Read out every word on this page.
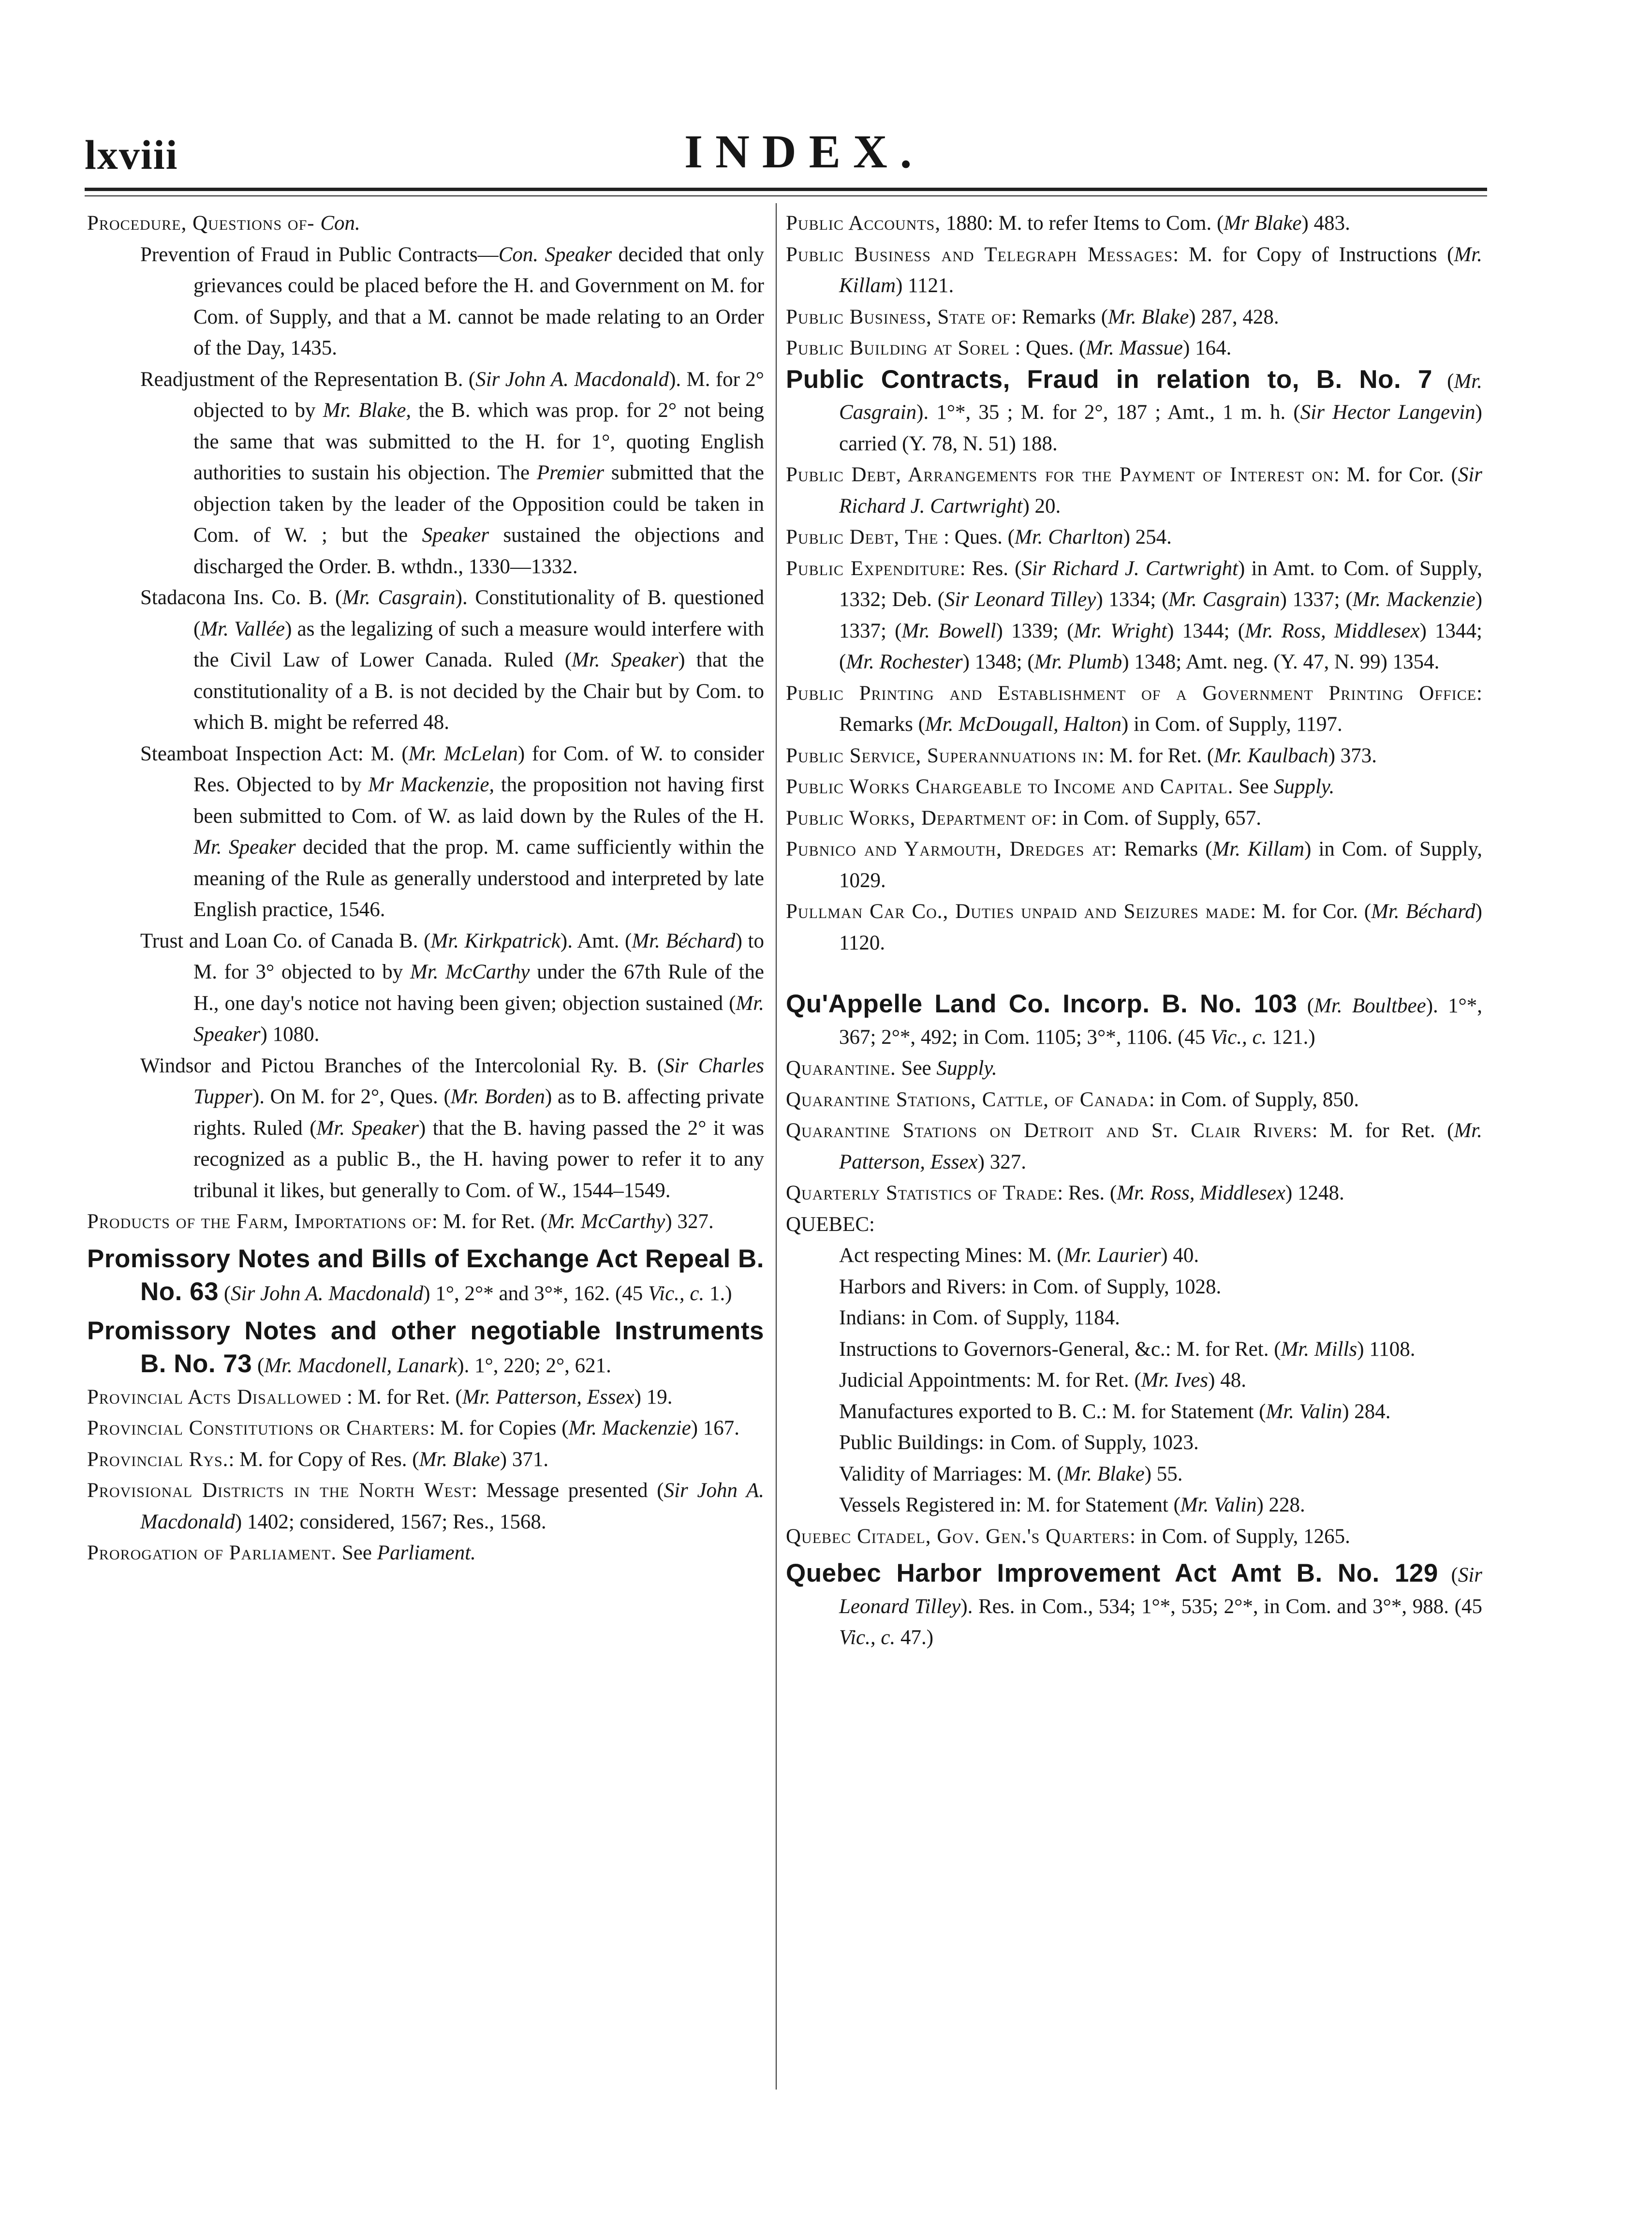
lxviii	INDEX.

Procedure, Questions of- Con.

Prevention of Fraud in Public Contracts—Con. Speaker decided that only grievances could be placed before the H. and Government on M. for Com. of Supply, and that a M. cannot be made relating to an Order of the Day, 1435.

Readjustment of the Representation B. (Sir John A. Macdonald). M. for 2° objected to by Mr. Blake, the B. which was prop. for 2° not being the same that was submitted to the H. for 1°, quoting English authorities to sustain his objection. The Premier submitted that the objection taken by the leader of the Opposition could be taken in Com. of W. ; but the Speaker sustained the objections and discharged the Order. B. wthdn., 1330—1332.

Stadacona Ins. Co. B. (Mr. Casgrain). Constitutionality of B. questioned (Mr. Vallée) as the legalizing of such a measure would interfere with the Civil Law of Lower Canada. Ruled (Mr. Speaker) that the constitutionality of a B. is not decided by the Chair but by Com. to which B. might be referred 48.

Steamboat Inspection Act: M. (Mr. McLelan) for Com. of W. to consider Res. Objected to by Mr Mackenzie, the proposition not having first been submitted to Com. of W. as laid down by the Rules of the H. Mr. Speaker decided that the prop. M. came sufficiently within the meaning of the Rule as generally understood and interpreted by late English practice, 1546.

Trust and Loan Co. of Canada B. (Mr. Kirkpatrick). Amt. (Mr. Béchard) to M. for 3° objected to by Mr. McCarthy under the 67th Rule of the H., one day's notice not having been given; objection sustained (Mr. Speaker) 1080.

Windsor and Pictou Branches of the Intercolonial Ry. B. (Sir Charles Tupper). On M. for 2°, Ques. (Mr. Borden) as to B. affecting private rights. Ruled (Mr. Speaker) that the B. having passed the 2° it was recognized as a public B., the H. having power to refer it to any tribunal it likes, but generally to Com. of W., 1544–1549.

Products of the Farm, Importations of: M. for Ret. (Mr. McCarthy) 327.

Promissory Notes and Bills of Exchange Act Repeal B. No. 63 (Sir John A. Macdonald) 1°, 2°* and 3°*, 162. (45 Vic., c. 1.)

Promissory Notes and other negotiable Instruments B. No. 73 (Mr. Macdonell, Lanark). 1°, 220; 2°, 621.

Provincial Acts Disallowed : M. for Ret. (Mr. Patterson, Essex) 19.

Provincial Constitutions or Charters: M. for Copies (Mr. Mackenzie) 167.

Provincial Rys.: M. for Copy of Res. (Mr. Blake) 371.

Provisional Districts in the North West: Message presented (Sir John A. Macdonald) 1402; considered, 1567; Res., 1568.

Prorogation of Parliament. See Parliament.

Public Accounts, 1880: M. to refer Items to Com. (Mr Blake) 483.

Public Business and Telegraph Messages: M. for Copy of Instructions (Mr. Killam) 1121.

Public Business, State of: Remarks (Mr. Blake) 287, 428.

Public Building at Sorel : Ques. (Mr. Massue) 164.

Public Contracts, Fraud in relation to, B. No. 7 (Mr. Casgrain). 1°*, 35 ; M. for 2°, 187 ; Amt., 1 m. h. (Sir Hector Langevin) carried (Y. 78, N. 51) 188.

Public Debt, Arrangements for the Payment of Interest on: M. for Cor. (Sir Richard J. Cartwright) 20.

Public Debt, The : Ques. (Mr. Charlton) 254.

Public Expenditure: Res. (Sir Richard J. Cartwright) in Amt. to Com. of Supply, 1332; Deb. (Sir Leonard Tilley) 1334; (Mr. Casgrain) 1337; (Mr. Mackenzie) 1337; (Mr. Bowell) 1339; (Mr. Wright) 1344; (Mr. Ross, Middlesex) 1344; (Mr. Rochester) 1348; (Mr. Plumb) 1348; Amt. neg. (Y. 47, N. 99) 1354.

Public Printing and Establishment of a Government Printing Office: Remarks (Mr. McDougall, Halton) in Com. of Supply, 1197.

Public Service, Superannuations in: M. for Ret. (Mr. Kaulbach) 373.

Public Works Chargeable to Income and Capital. See Supply.

Public Works, Department of: in Com. of Supply, 657.

Pubnico and Yarmouth, Dredges at: Remarks (Mr. Killam) in Com. of Supply, 1029.

Pullman Car Co., Duties unpaid and Seizures made: M. for Cor. (Mr. Béchard) 1120.

Qu'Appelle Land Co. Incorp. B. No. 103 (Mr. Boultbee). 1°*, 367; 2°*, 492; in Com. 1105; 3°*, 1106. (45 Vic., c. 121.)

Quarantine. See Supply.

Quarantine Stations, Cattle, of Canada: in Com. of Supply, 850.

Quarantine Stations on Detroit and St. Clair Rivers: M. for Ret. (Mr. Patterson, Essex) 327.

Quarterly Statistics of Trade: Res. (Mr. Ross, Middlesex) 1248.

QUEBEC:

Act respecting Mines: M. (Mr. Laurier) 40.

Harbors and Rivers: in Com. of Supply, 1028.

Indians: in Com. of Supply, 1184.

Instructions to Governors-General, &c.: M. for Ret. (Mr. Mills) 1108.

Judicial Appointments: M. for Ret. (Mr. Ives) 48.

Manufactures exported to B. C.: M. for Statement (Mr. Valin) 284.

Public Buildings: in Com. of Supply, 1023.

Validity of Marriages: M. (Mr. Blake) 55.

Vessels Registered in: M. for Statement (Mr. Valin) 228.

Quebec Citadel, Gov. Gen.'s Quarters: in Com. of Supply, 1265.

Quebec Harbor Improvement Act Amt B. No. 129 (Sir Leonard Tilley). Res. in Com., 534; 1°*, 535; 2°*, in Com. and 3°*, 988. (45 Vic., c. 47.)
